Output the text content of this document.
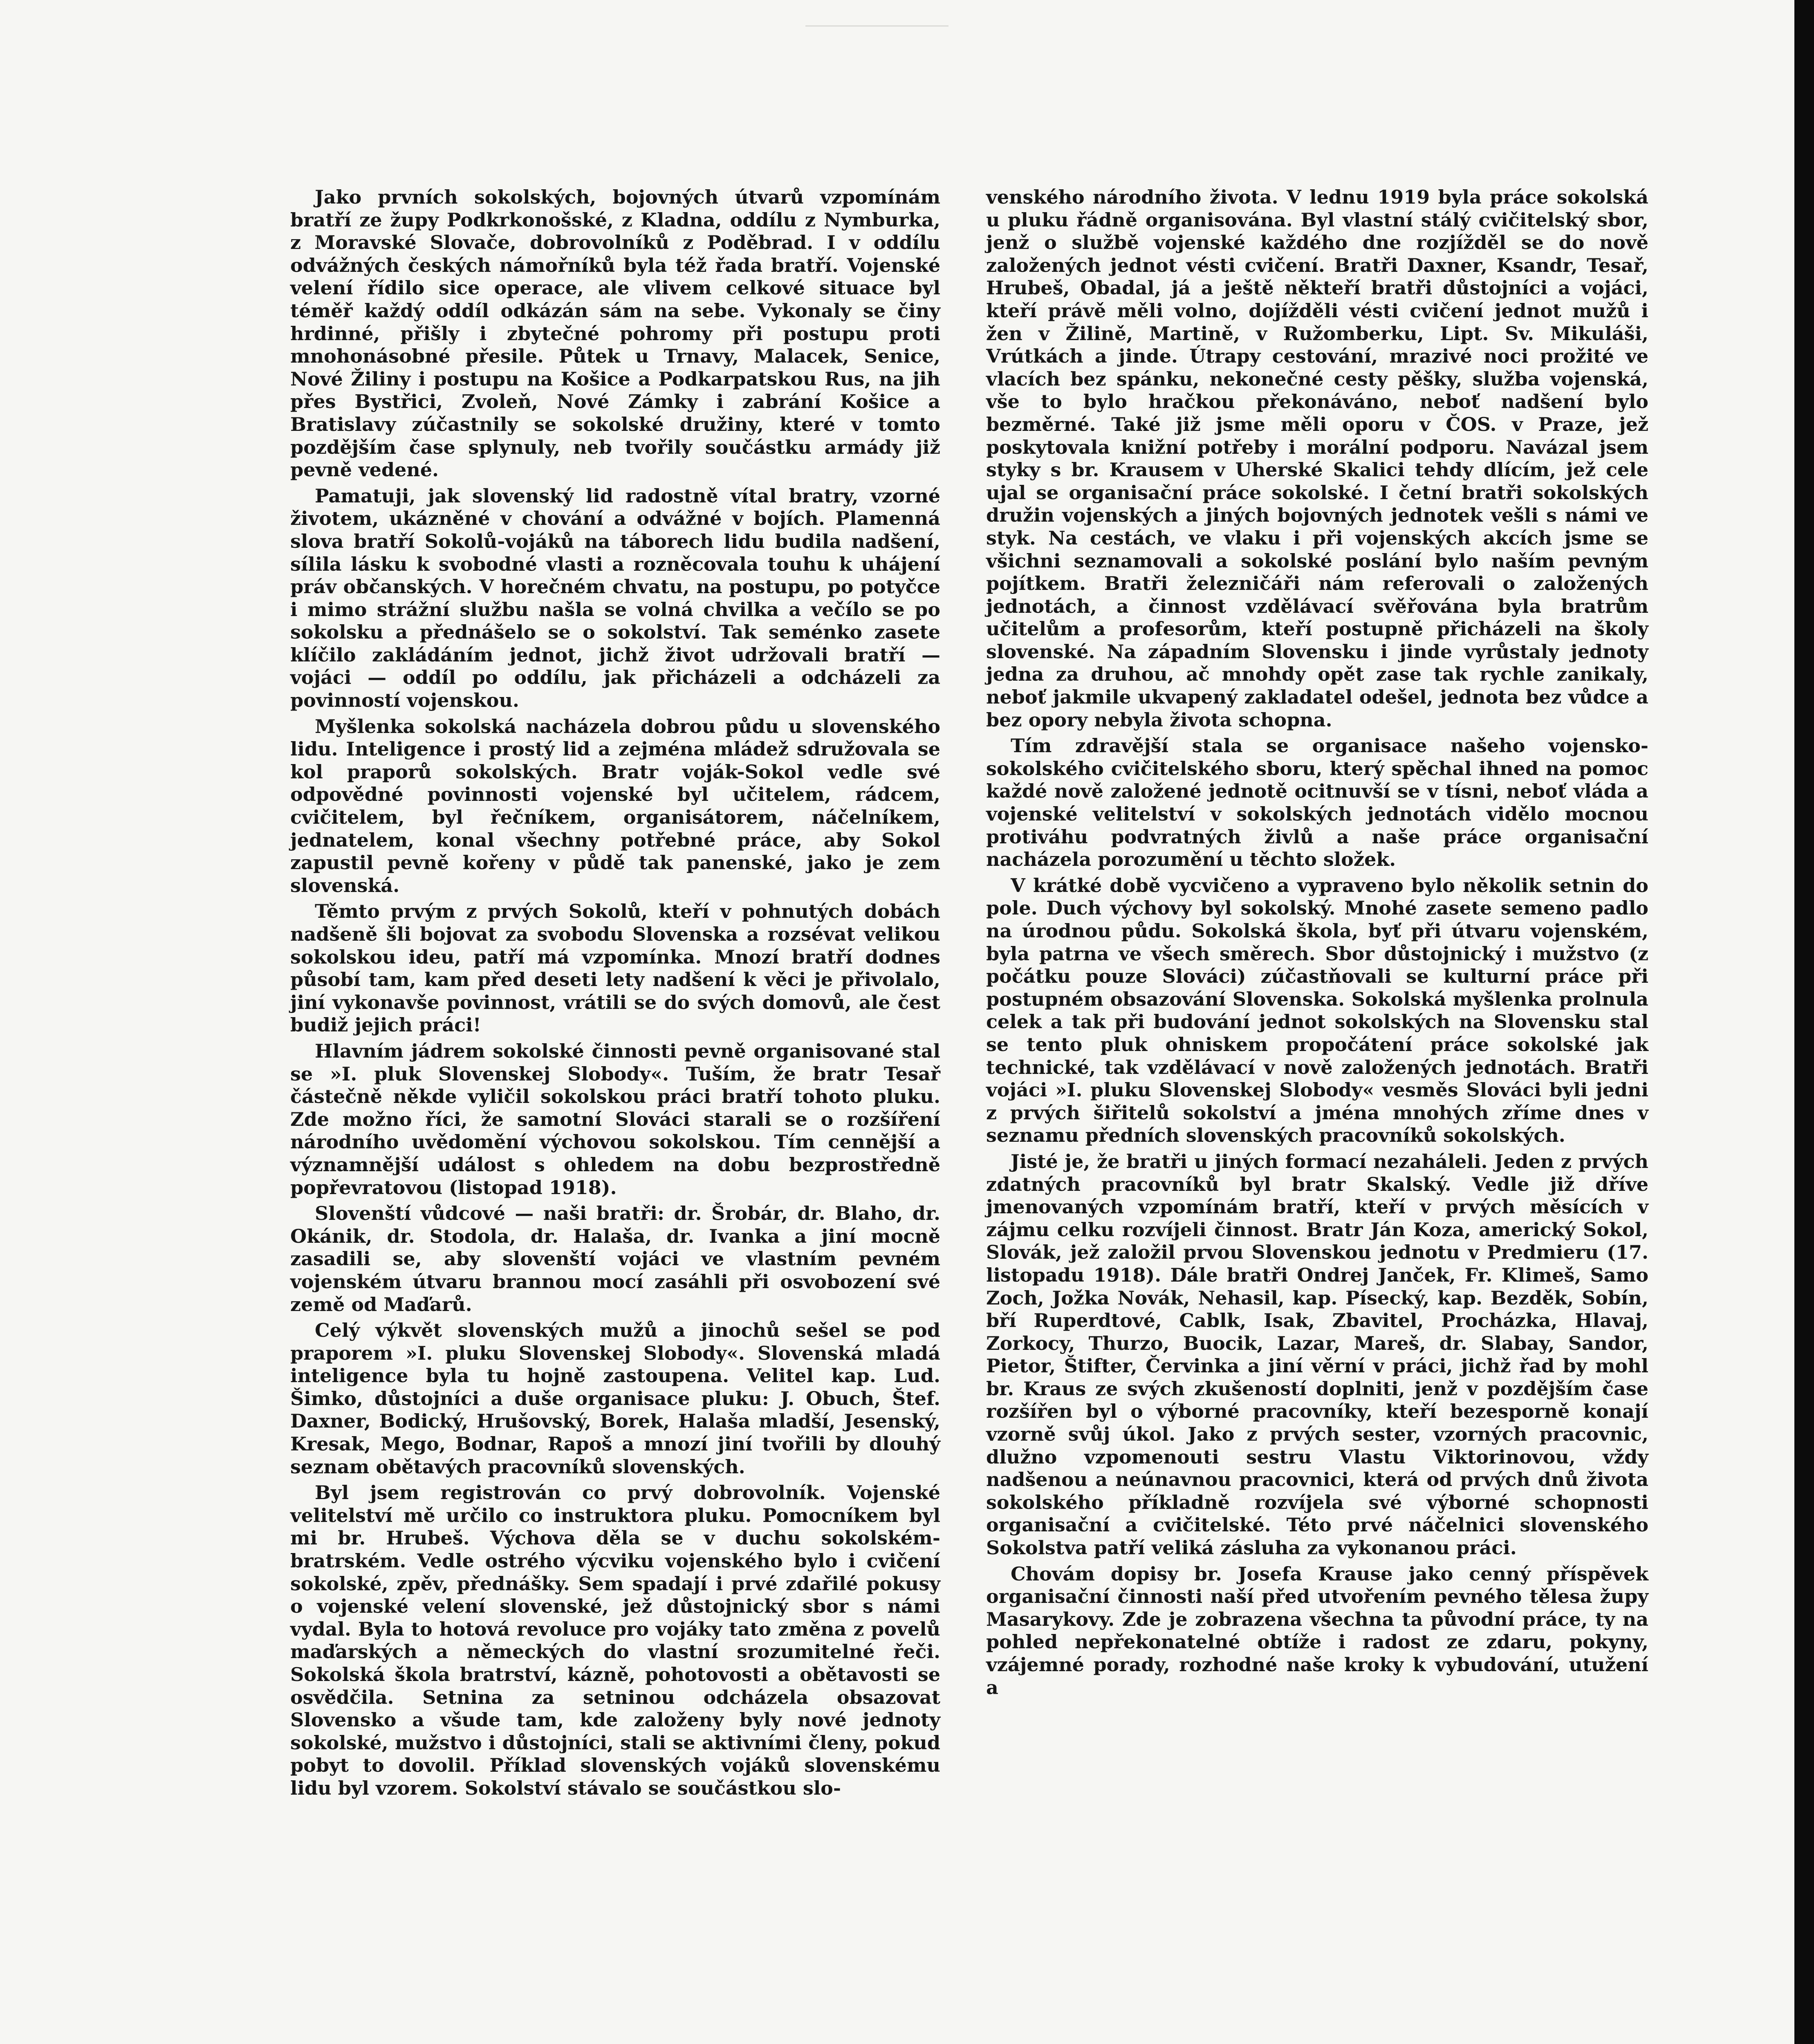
Jako prvních sokolských, bojovných útvarů vzpomínám bratří ze župy Podkrkonošské, z Kladna, oddílu z Nymburka, z Moravské Slovače, dobrovolníků z Poděbrad. I v oddílu odvážných českých námořníků byla též řada bratří. Vojenské velení řídilo sice operace, ale vlivem celkové situace byl téměř každý oddíl odkázán sám na sebe. Vykonaly se činy hrdinné, přišly i zbytečné pohromy při postupu proti mnohonásobné přesile. Půtek u Trnavy, Malacek, Senice, Nové Žiliny i postupu na Košice a Podkarpatskou Rus, na jih přes Bystřici, Zvoleň, Nové Zámky i zabrání Košice a Bratislavy zúčastnily se sokolské družiny, které v tomto pozdějším čase splynuly, neb tvořily součástku armády již pevně vedené.

Pamatuji, jak slovenský lid radostně vítal bratry, vzorné životem, ukázněné v chování a odvážné v bojích. Plamenná slova bratří Sokolů-vojáků na táborech lidu budila nadšení, sílila lásku k svobodné vlasti a rozněcovala touhu k uhájení práv občanských. V horečném chvatu, na postupu, po potyčce i mimo strážní službu našla se volná chvilka a večílo se po sokolsku a přednášelo se o sokolství. Tak seménko zasete klíčilo zakládáním jednot, jichž život udržovali bratří — vojáci — oddíl po oddílu, jak přicházeli a odcházeli za povinností vojenskou.

Myšlenka sokolská nacházela dobrou půdu u slovenského lidu. Inteligence i prostý lid a zejména mládež sdružovala se kol praporů sokolských. Bratr voják-Sokol vedle své odpovědné povinnosti vojenské byl učitelem, rádcem, cvičitelem, byl řečníkem, organisátorem, náčelníkem, jednatelem, konal všechny potřebné práce, aby Sokol zapustil pevně kořeny v půdě tak panenské, jako je zem slovenská.

Těmto prvým z prvých Sokolů, kteří v pohnutých dobách nadšeně šli bojovat za svobodu Slovenska a rozsévat velikou sokolskou ideu, patří má vzpomínka. Mnozí bratří dodnes působí tam, kam před deseti lety nadšení k věci je přivolalo, jiní vykonavše povinnost, vrátili se do svých domovů, ale čest budiž jejich práci!

Hlavním jádrem sokolské činnosti pevně organisované stal se »I. pluk Slovenskej Slobody«. Tuším, že bratr Tesař částečně někde vyličil sokolskou práci bratří tohoto pluku. Zde možno říci, že samotní Slováci starali se o rozšíření národního uvědomění výchovou sokolskou. Tím cennější a významnější událost s ohledem na dobu bezprostředně popřevratovou (listopad 1918).

Slovenští vůdcové — naši bratři: dr. Šrobár, dr. Blaho, dr. Okánik, dr. Stodola, dr. Halaša, dr. Ivanka a jiní mocně zasadili se, aby slovenští vojáci ve vlastním pevném vojenském útvaru brannou mocí zasáhli při osvobození své země od Maďarů.

Celý výkvět slovenských mužů a jinochů sešel se pod praporem »I. pluku Slovenskej Slobody«. Slovenská mladá inteligence byla tu hojně zastoupena. Velitel kap. Lud. Šimko, důstojníci a duše organisace pluku: J. Obuch, Štef. Daxner, Bodický, Hrušovský, Borek, Halaša mladší, Jesenský, Kresak, Mego, Bodnar, Rapoš a mnozí jiní tvořili by dlouhý seznam obětavých pracovníků slovenských.

Byl jsem registrován co prvý dobrovolník. Vojenské velitelství mě určilo co instruktora pluku. Pomocníkem byl mi br. Hrubeš. Výchova děla se v duchu sokolském-bratrském. Vedle ostrého výcviku vojenského bylo i cvičení sokolské, zpěv, přednášky. Sem spadají i prvé zdařilé pokusy o vojenské velení slovenské, jež důstojnický sbor s námi vydal. Byla to hotová revoluce pro vojáky tato změna z povelů maďarských a německých do vlastní srozumitelné řeči. Sokolská škola bratrství, kázně, pohotovosti a obětavosti se osvědčila. Setnina za setninou odcházela obsazovat Slovensko a všude tam, kde založeny byly nové jednoty sokolské, mužstvo i důstojníci, stali se aktivními členy, pokud pobyt to dovolil. Příklad slovenských vojáků slovenskému lidu byl vzorem. Sokolství stávalo se součástkou slo-

venského národního života. V lednu 1919 byla práce sokolská u pluku řádně organisována. Byl vlastní stálý cvičitelský sbor, jenž o službě vojenské každého dne rozjížděl se do nově založených jednot vésti cvičení. Bratři Daxner, Ksandr, Tesař, Hrubeš, Obadal, já a ještě někteří bratři důstojníci a vojáci, kteří právě měli volno, dojížděli vésti cvičení jednot mužů i žen v Žilině, Martině, v Ružomberku, Lipt. Sv. Mikuláši, Vrútkách a jinde. Útrapy cestování, mrazivé noci prožité ve vlacích bez spánku, nekonečné cesty pěšky, služba vojenská, vše to bylo hračkou překonáváno, neboť nadšení bylo bezměrné. Také již jsme měli oporu v ČOS. v Praze, jež poskytovala knižní potřeby i morální podporu. Navázal jsem styky s br. Krausem v Uherské Skalici tehdy dlícím, jež cele ujal se organisační práce sokolské. I četní bratři sokolských družin vojenských a jiných bojovných jednotek vešli s námi ve styk. Na cestách, ve vlaku i při vojenských akcích jsme se všichni seznamovali a sokolské poslání bylo naším pevným pojítkem. Bratři železničáři nám referovali o založených jednotách, a činnost vzdělávací svěřována byla bratrům učitelům a profesorům, kteří postupně přicházeli na školy slovenské. Na západním Slovensku i jinde vyrůstaly jednoty jedna za druhou, ač mnohdy opět zase tak rychle zanikaly, neboť jakmile ukvapený zakladatel odešel, jednota bez vůdce a bez opory nebyla života schopna.

Tím zdravější stala se organisace našeho vojensko-sokolského cvičitelského sboru, který spěchal ihned na pomoc každé nově založené jednotě ocitnuvší se v tísni, neboť vláda a vojenské velitelství v sokolských jednotách vidělo mocnou protiváhu podvratných živlů a naše práce organisační nacházela porozumění u těchto složek.

V krátké době vycvičeno a vypraveno bylo několik setnin do pole. Duch výchovy byl sokolský. Mnohé zasete semeno padlo na úrodnou půdu. Sokolská škola, byť při útvaru vojenském, byla patrna ve všech směrech. Sbor důstojnický i mužstvo (z počátku pouze Slováci) zúčastňovali se kulturní práce při postupném obsazování Slovenska. Sokolská myšlenka prolnula celek a tak při budování jednot sokolských na Slovensku stal se tento pluk ohniskem propočátení práce sokolské jak technické, tak vzdělávací v nově založených jednotách. Bratři vojáci »I. pluku Slovenskej Slobody« vesměs Slováci byli jedni z prvých šiřitelů sokolství a jména mnohých zříme dnes v seznamu předních slovenských pracovníků sokolských.

Jisté je, že bratři u jiných formací nezaháleli. Jeden z prvých zdatných pracovníků byl bratr Skalský. Vedle již dříve jmenovaných vzpomínám bratří, kteří v prvých měsících v zájmu celku rozvíjeli činnost. Bratr Ján Koza, americký Sokol, Slovák, jež založil prvou Slovenskou jednotu v Predmieru (17. listopadu 1918). Dále bratři Ondrej Janček, Fr. Klimeš, Samo Zoch, Jožka Novák, Nehasil, kap. Písecký, kap. Bezděk, Sobín, bří Ruperdtové, Cablk, Isak, Zbavitel, Procházka, Hlavaj, Zorkocy, Thurzo, Buocik, Lazar, Mareš, dr. Slabay, Sandor, Pietor, Štifter, Červinka a jiní věrní v práci, jichž řad by mohl br. Kraus ze svých zkušeností doplniti, jenž v pozdějším čase rozšířen byl o výborné pracovníky, kteří bezesporně konají vzorně svůj úkol. Jako z prvých sester, vzorných pracovnic, dlužno vzpomenouti sestru Vlastu Viktorinovou, vždy nadšenou a neúnavnou pracovnici, která od prvých dnů života sokolského příkladně rozvíjela své výborné schopnosti organisační a cvičitelské. Této prvé náčelnici slovenského Sokolstva patří veliká zásluha za vykonanou práci.

Chovám dopisy br. Josefa Krause jako cenný příspěvek organisační činnosti naší před utvořením pevného tělesa župy Masarykovy. Zde je zobrazena všechna ta původní práce, ty na pohled nepřekonatelné obtíže i radost ze zdaru, pokyny, vzájemné porady, rozhodné naše kroky k vybudování, utužení a
